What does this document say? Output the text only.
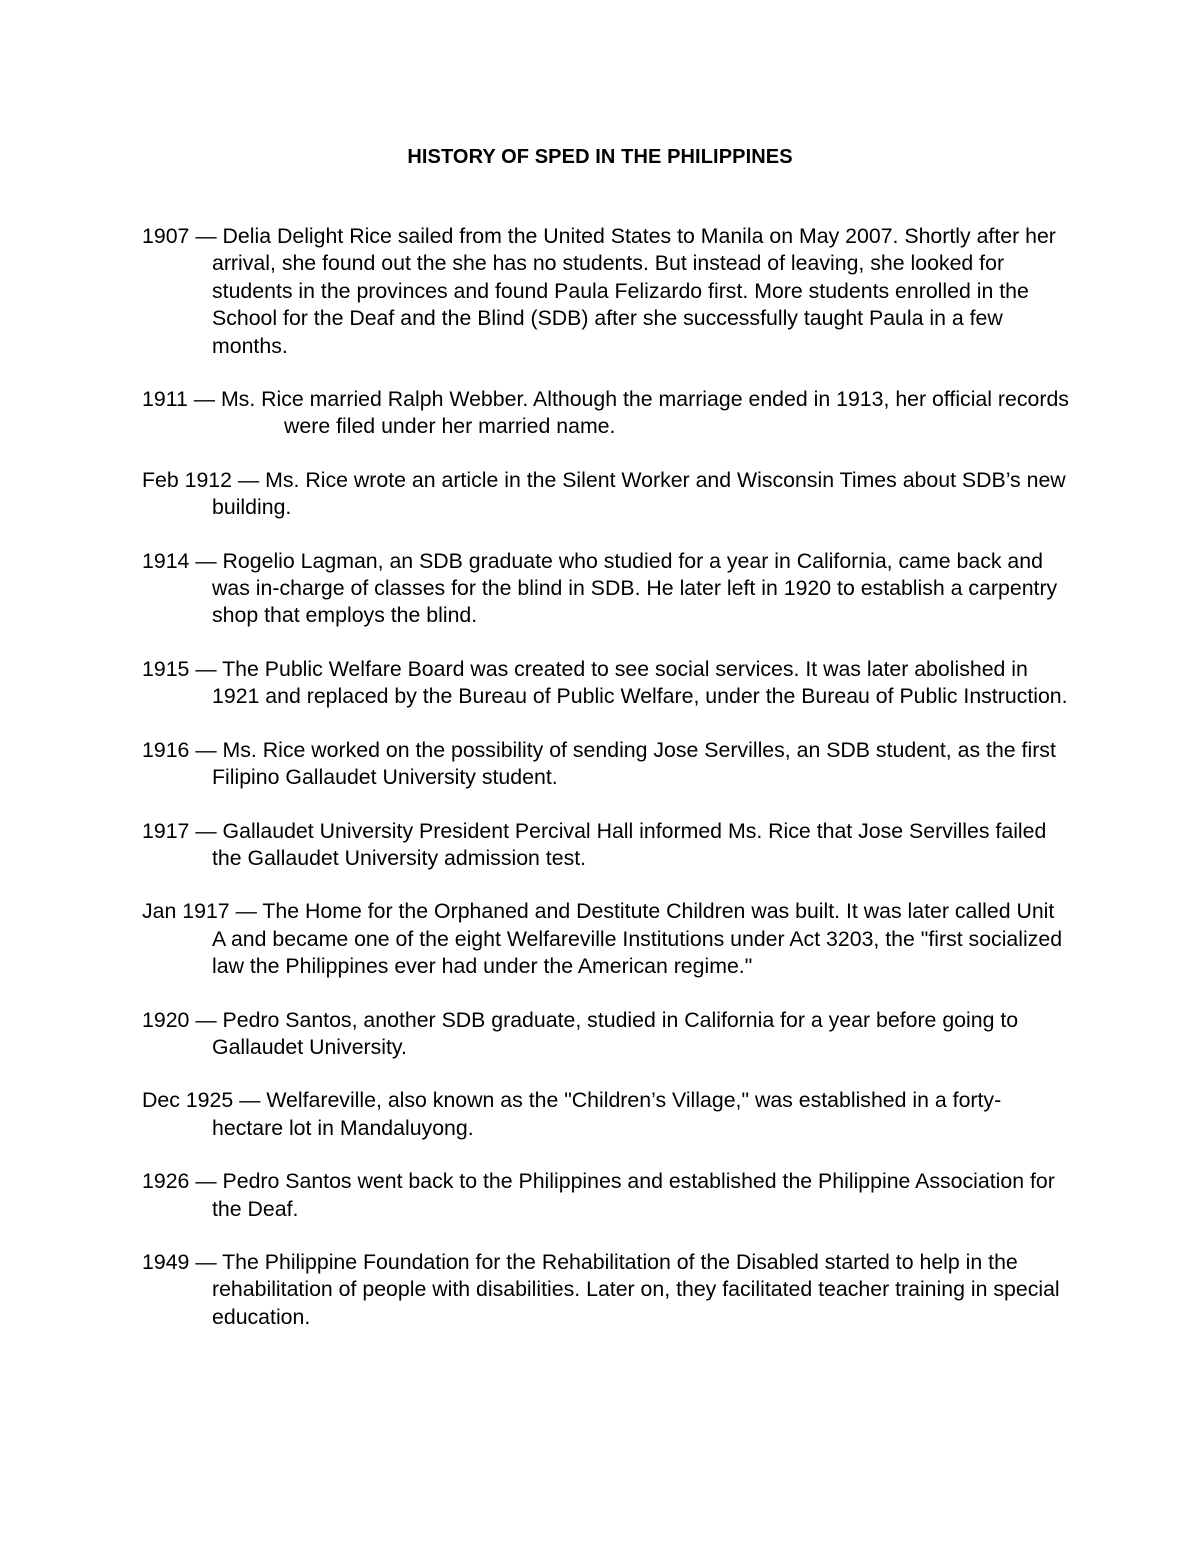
HISTORY OF SPED IN THE PHILIPPINES

1907 — Delia Delight Rice sailed from the United States to Manila on May 2007. Shortly after her arrival, she found out the she has no students. But instead of leaving, she looked for students in the provinces and found Paula Felizardo first. More students enrolled in the School for the Deaf and the Blind (SDB) after she successfully taught Paula in a few months.

1911 — Ms. Rice married Ralph Webber. Although the marriage ended in 1913, her official records were filed under her married name.

Feb 1912 — Ms. Rice wrote an article in the Silent Worker and Wisconsin Times about SDB’s new building.

1914 — Rogelio Lagman, an SDB graduate who studied for a year in California, came back and was in-charge of classes for the blind in SDB. He later left in 1920 to establish a carpentry shop that employs the blind.

1915 — The Public Welfare Board was created to see social services. It was later abolished in 1921 and replaced by the Bureau of Public Welfare, under the Bureau of Public Instruction.

1916 — Ms. Rice worked on the possibility of sending Jose Servilles, an SDB student, as the first Filipino Gallaudet University student.

1917 — Gallaudet University President Percival Hall informed Ms. Rice that Jose Servilles failed the Gallaudet University admission test.

Jan 1917 — The Home for the Orphaned and Destitute Children was built. It was later called Unit A and became one of the eight Welfareville Institutions under Act 3203, the "first socialized law the Philippines ever had under the American regime."

1920 — Pedro Santos, another SDB graduate, studied in California for a year before going to Gallaudet University.

Dec 1925 — Welfareville, also known as the "Children’s Village," was established in a forty-hectare lot in Mandaluyong.

1926 — Pedro Santos went back to the Philippines and established the Philippine Association for the Deaf.

1949 — The Philippine Foundation for the Rehabilitation of the Disabled started to help in the rehabilitation of people with disabilities. Later on, they facilitated teacher training in special education.
